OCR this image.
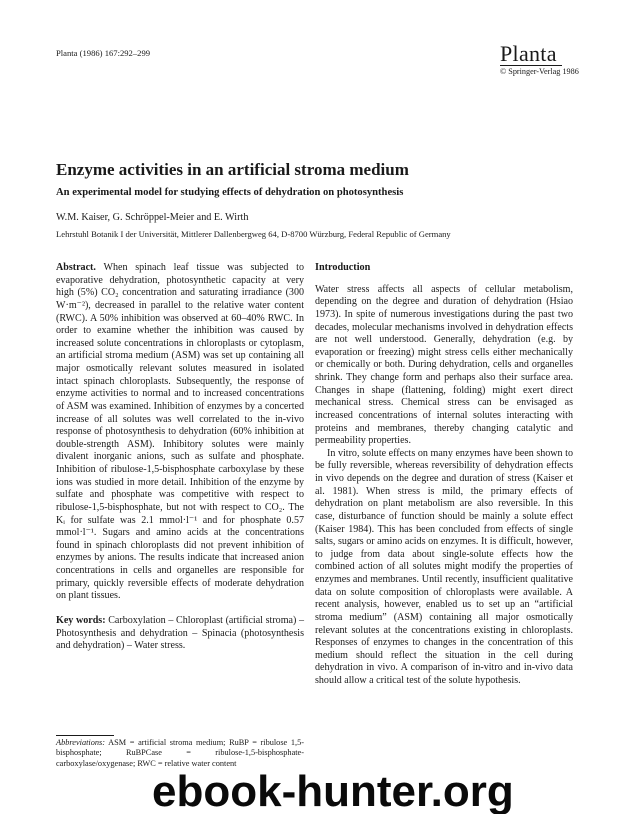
Planta (1986) 167:292–299	Planta
© Springer-Verlag 1986
Enzyme activities in an artificial stroma medium
An experimental model for studying effects of dehydration on photosynthesis
W.M. Kaiser, G. Schröppel-Meier and E. Wirth
Lehrstuhl Botanik I der Universität, Mittlerer Dallenbergweg 64, D-8700 Würzburg, Federal Republic of Germany
Abstract. When spinach leaf tissue was subjected to evaporative dehydration, photosynthetic capacity at very high (5%) CO₂ concentration and saturating irradiance (300 W·m⁻²), decreased in parallel to the relative water content (RWC). A 50% inhibition was observed at 60–40% RWC. In order to examine whether the inhibition was caused by increased solute concentrations in chloroplasts or cytoplasm, an artificial stroma medium (ASM) was set up containing all major osmotically relevant solutes measured in isolated intact spinach chloroplasts. Subsequently, the response of enzyme activities to normal and to increased concentrations of ASM was examined. Inhibition of enzymes by a concerted increase of all solutes was well correlated to the in-vivo response of photosynthesis to dehydration (60% inhibition at double-strength ASM). Inhibitory solutes were mainly divalent inorganic anions, such as sulfate and phosphate. Inhibition of ribulose-1,5-bisphosphate carboxylase by these ions was studied in more detail. Inhibition of the enzyme by sulfate and phosphate was competitive with respect to ribulose-1,5-bisphosphate, but not with respect to CO₂. The Kᵢ for sulfate was 2.1 mmol·l⁻¹ and for phosphate 0.57 mmol·l⁻¹. Sugars and amino acids at the concentrations found in spinach chloroplasts did not prevent inhibition of enzymes by anions. The results indicate that increased anion concentrations in cells and organelles are responsible for primary, quickly reversible effects of moderate dehydration on plant tissues.
Key words: Carboxylation – Chloroplast (artificial stroma) – Photosynthesis and dehydration – Spinacia (photosynthesis and dehydration) – Water stress.
Abbreviations: ASM = artificial stroma medium; RuBP = ribulose 1,5-bisphosphate; RuBPCase = ribulose-1,5-bisphosphate-carboxylase/oxygenase; RWC = relative water content
Introduction

Water stress affects all aspects of cellular metabolism, depending on the degree and duration of dehydration (Hsiao 1973). In spite of numerous investigations during the past two decades, molecular mechanisms involved in dehydration effects are not well understood. Generally, dehydration (e.g. by evaporation or freezing) might stress cells either mechanically or chemically or both. During dehydration, cells and organelles shrink. They change form and perhaps also their surface area. Changes in shape (flattening, folding) might exert direct mechanical stress. Chemical stress can be envisaged as increased concentrations of internal solutes interacting with proteins and membranes, thereby changing catalytic and permeability properties.

In vitro, solute effects on many enzymes have been shown to be fully reversible, whereas reversibility of dehydration effects in vivo depends on the degree and duration of stress (Kaiser et al. 1981). When stress is mild, the primary effects of dehydration on plant metabolism are also reversible. In this case, disturbance of function should be mainly a solute effect (Kaiser 1984). This has been concluded from effects of single salts, sugars or amino acids on enzymes. It is difficult, however, to judge from data about single-solute effects how the combined action of all solutes might modify the properties of enzymes and membranes. Until recently, insufficient qualitative data on solute composition of chloroplasts were available. A recent analysis, however, enabled us to set up an “artificial stroma medium” (ASM) containing all major osmotically relevant solutes at the concentrations existing in chloroplasts. Responses of enzymes to changes in the concentration of this medium should reflect the situation in the cell during dehydration in vivo. A comparison of in-vitro and in-vivo data should allow a critical test of the solute hypothesis.

ebook-hunter.org
